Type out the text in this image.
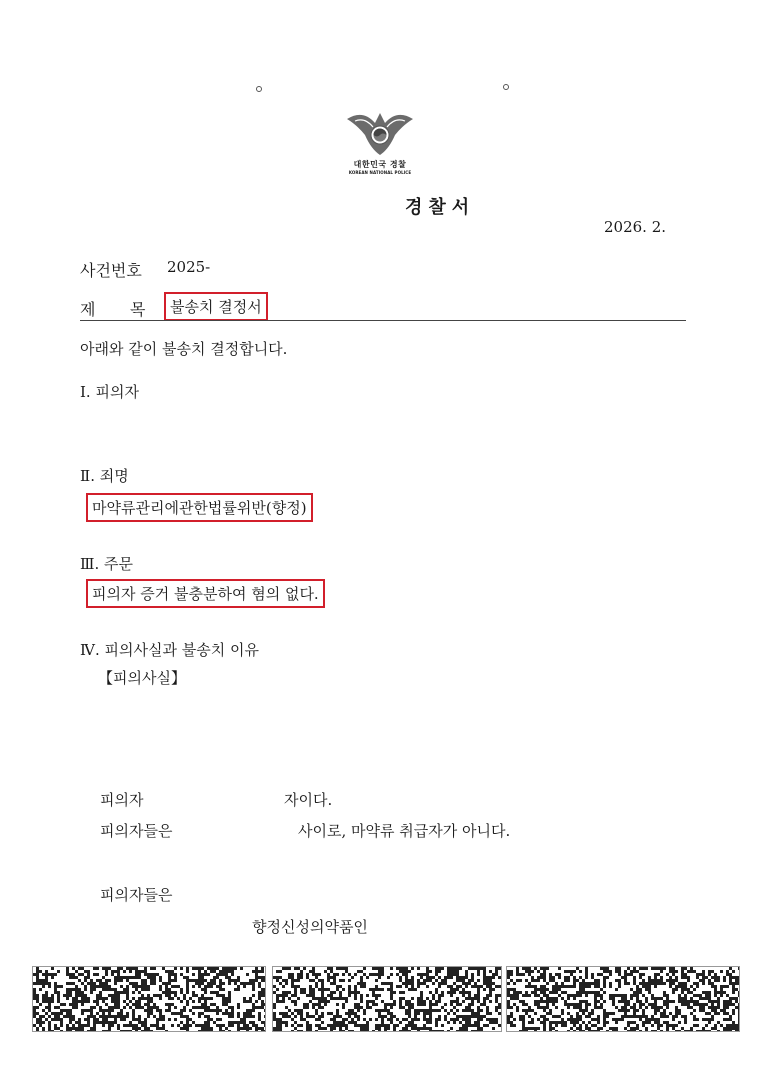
대한민국 경찰
KOREAN NATIONAL POLICE
경찰서
2026. 2.
사건번호 2025-
제 목	불송치 결정서
아래와 같이 불송치 결정합니다.
Ⅰ. 피의자
Ⅱ. 죄명
마약류관리에관한법률위반(향정)
Ⅲ. 주문
피의자 증거 불충분하여 혐의 없다.
Ⅳ. 피의사실과 불송치 이유
【피의사실】
피의자	자이다.
피의자들은	사이로, 마약류 취급자가 아니다.
피의자들은
향정신성의약품인
